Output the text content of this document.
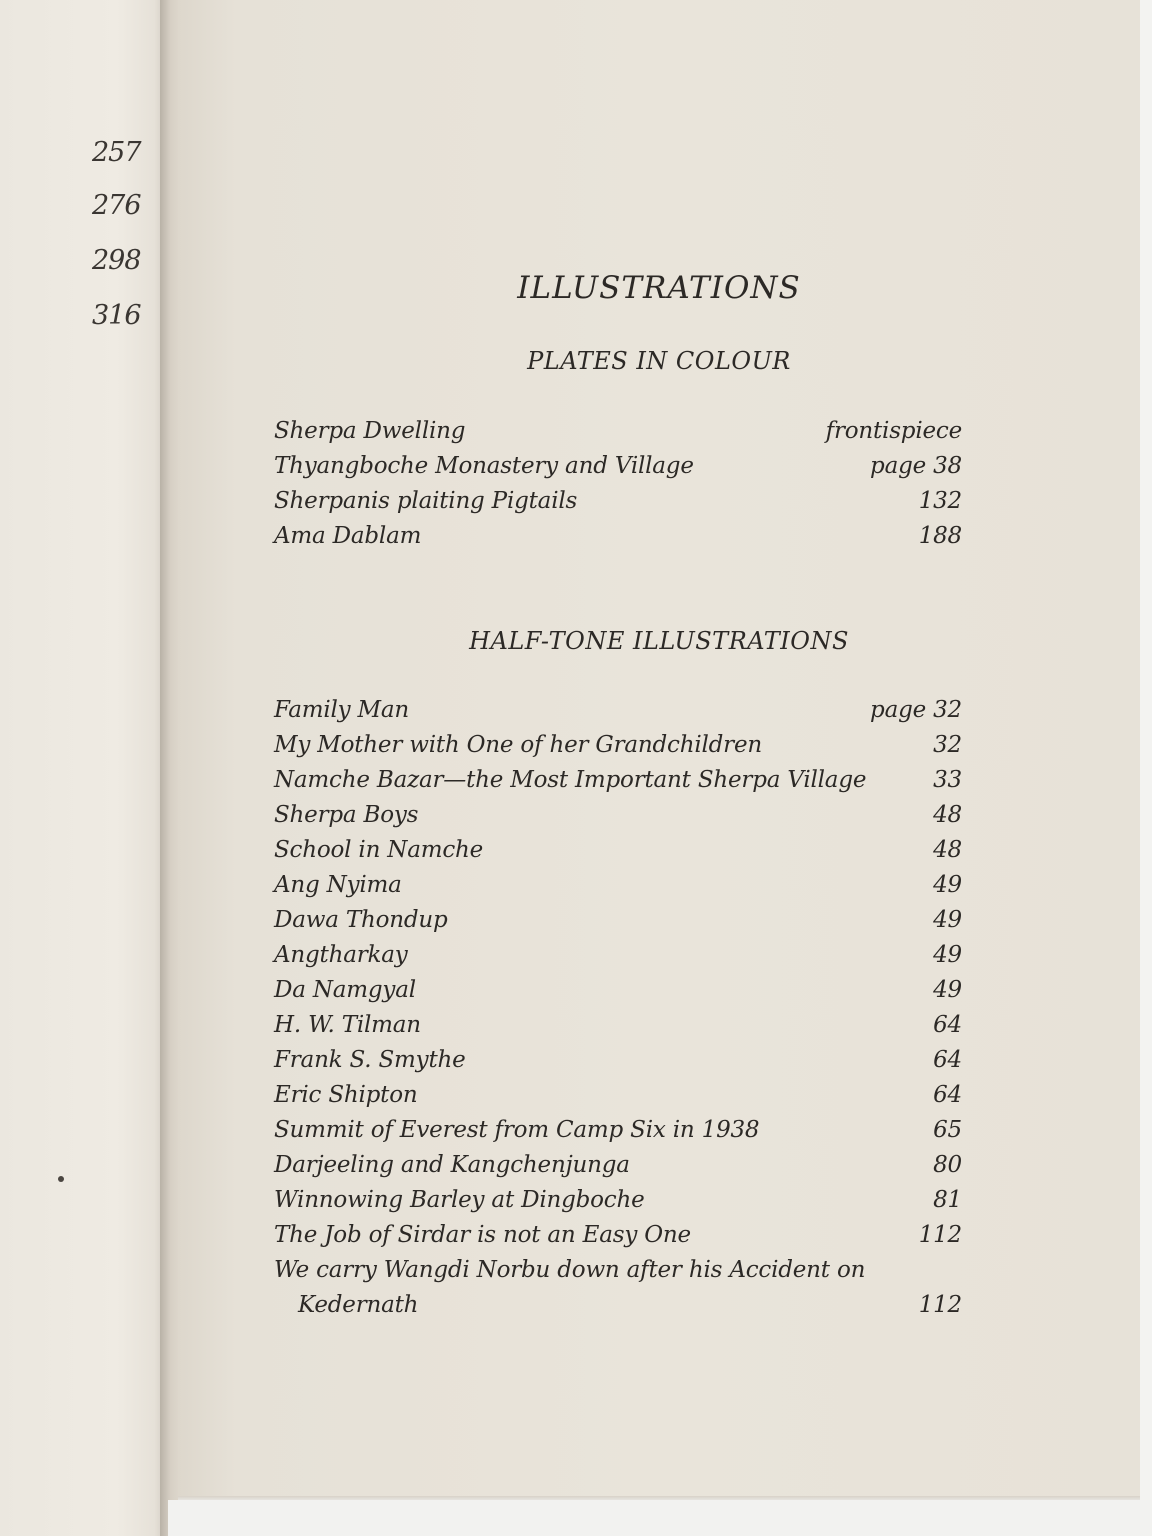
257
276
298
316
ILLUSTRATIONS
PLATES IN COLOUR
Sherpa Dwelling	frontispiece
Thyangboche Monastery and Village	page 38
Sherpanis plaiting Pigtails	132
Ama Dablam	188
HALF-TONE ILLUSTRATIONS
Family Man	page 32
My Mother with One of her Grandchildren	32
Namche Bazar—the Most Important Sherpa Village	33
Sherpa Boys	48
School in Namche	48
Ang Nyima	49
Dawa Thondup	49
Angtharkay	49
Da Namgyal	49
H. W. Tilman	64
Frank S. Smythe	64
Eric Shipton	64
Summit of Everest from Camp Six in 1938	65
Darjeeling and Kangchenjunga	80
Winnowing Barley at Dingboche	81
The Job of Sirdar is not an Easy One	112
We carry Wangdi Norbu down after his Accident on
Kedernath	112
